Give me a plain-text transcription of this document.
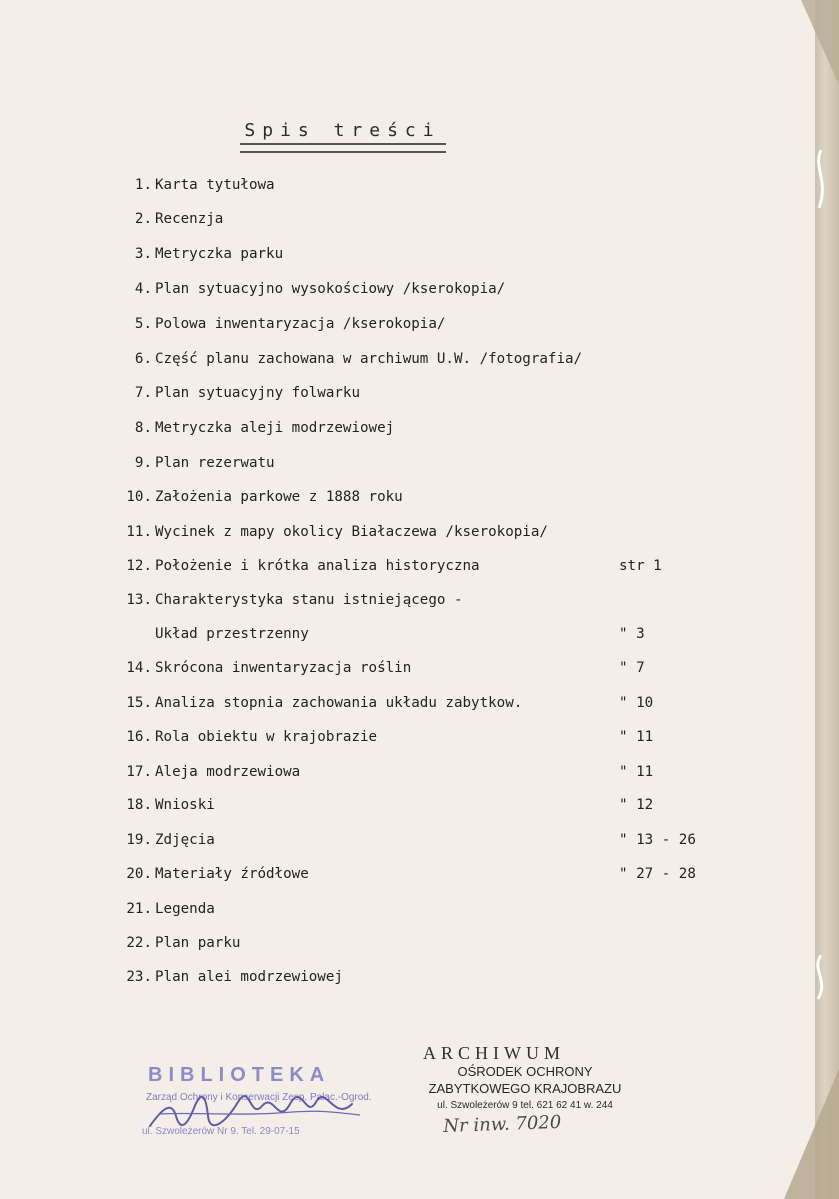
Spis treści
1. Karta tytułowa
2. Recenzja
3. Metryczka parku
4. Plan sytuacyjno wysokościowy /kserokopia/
5. Polowa inwentaryzacja /kserokopia/
6. Część planu zachowana w archiwum U.W. /fotografia/
7. Plan sytuacyjny folwarku
8. Metryczka aleji modrzewiowej
9. Plan rezerwatu
10. Założenia parkowe z 1888 roku
11. Wycinek z mapy okolicy Białaczewa /kserokopia/
12. Położenie i krótka analiza historyczna	str 1
13. Charakterystyka stanu istniejącego -
Układ przestrzenny	" 3
14. Skrócona inwentaryzacja roślin	" 7
15. Analiza stopnia zachowania układu zabytkow.	" 10
16. Rola obiektu w krajobrazie	" 11
17. Aleja modrzewiowa	" 11
18. Wnioski	" 12
19. Zdjęcia	" 13 - 26
20. Materiały źródłowe	" 27 - 28
21. Legenda
22. Plan parku
23. Plan alei modrzewiowej
BIBLIOTEKA
Zarząd Ochrony i Konserwacji Zesp. Pałac.-Ogrod.
ul. Szwoleżerów Nr 9. Tel. 29-07-15
ARCHIWUM
OŚRODEK OCHRONY
ZABYTKOWEGO KRAJOBRAZU
ul. Szwoleżerów 9 tel. 621 62 41 w. 244
Nr inw. 7020
